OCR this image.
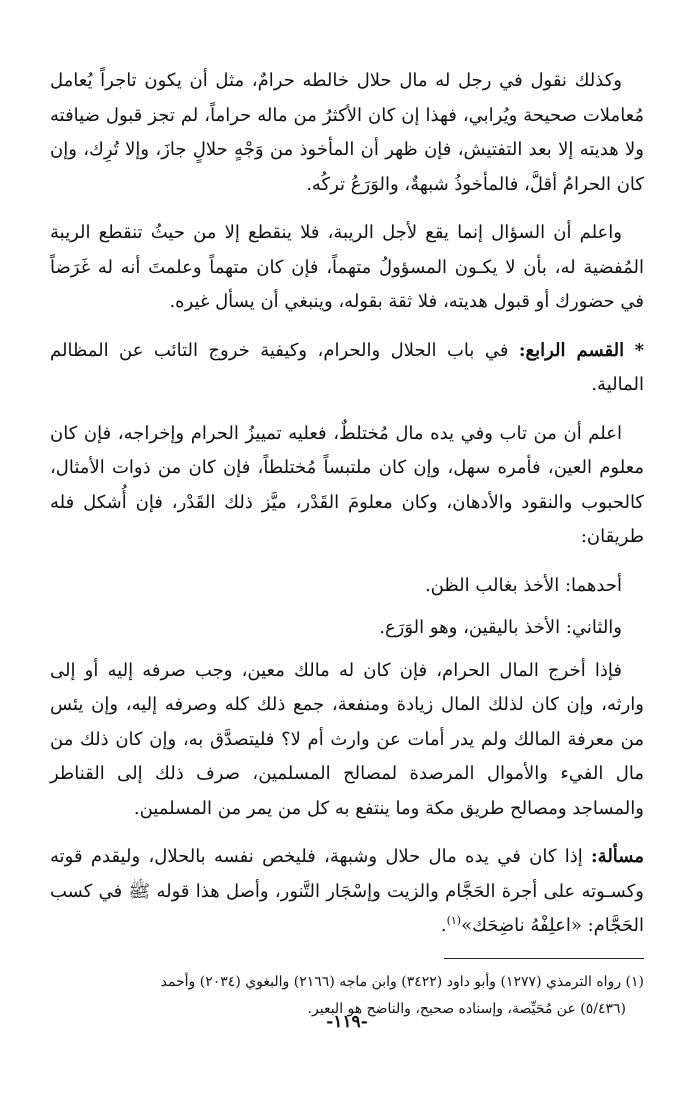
وكذلك نقول في رجل له مال حلال خالطه حرامٌ، مثل أن يكون تاجراً يُعامل مُعاملات صحيحة ويُرابي، فهذا إن كان الأكثرُ من ماله حراماً، لم تجز قبول ضيافته ولا هديته إلا بعد التفتيش، فإن ظهر أن المأخوذ من وَجْهٍ حلالٍ جازَ، وإلا تُرِك، وإن كان الحرامُ أقلَّ، فالمأخوذُ شبهةٌ، والوَرَعُ تركُه.

واعلم أن السؤال إنما يقع لأجل الريبة، فلا ينقطع إلا من حيثُ تنقطع الريبة المُفضية له، بأن لا يكـون المسؤولُ متهماً، فإن كان متهماً وعلمتَ أنه له غَرَضاً في حضورك أو قبول هديته، فلا ثقة بقوله، وينبغي أن يسأل غيره.

* القسم الرابع: في باب الحلال والحرام، وكيفية خروج التائب عن المظالم المالية.

اعلم أن من تاب وفي يده مال مُختلطٌ، فعليه تمييزُ الحرام وإخراجه، فإن كان معلوم العين، فأمره سهل، وإن كان ملتبساً مُختلطاً، فإن كان من ذوات الأمثال، كالحبوب والنقود والأدهان، وكان معلومَ القَدْر، ميَّز ذلك القَدْر، فإن أُشكل فله طريقان:

أحدهما: الأخذ بغالب الظن.

والثاني: الأخذ باليقين، وهو الوَرَع.

فإذا أخرج المال الحرام، فإن كان له مالك معين، وجب صرفه إليه أو إلى وارثه، وإن كان لذلك المال زيادة ومنفعة، جمع ذلك كله وصرفه إليه، وإن يئس من معرفة المالك ولم يدر أمات عن وارث أم لا؟ فليتصدَّق به، وإن كان ذلك من مال الفيء والأموال المرصدة لمصالح المسلمين، صرف ذلك إلى القناطر والمساجد ومصالح طريق مكة وما ينتفع به كل من يمر من المسلمين.

مسألة: إذا كان في يده مال حلال وشبهة، فليخص نفسه بالحلال، وليقدم قوته وكسـوته على أجرة الحَجَّام والزيت وإسْجَار التَّنور، وأصل هذا قوله ﷺ في كسب الحَجَّام: «اعلِفْهُ ناضِحَك»$^{(١)}$.

(١) رواه الترمذي (١٢٧٧) وأبو داود (٣٤٢٢) وابن ماجه (٢١٦٦) والبغوي (٢٠٣٤) وأحمد

(٥/٤٣٦) عن مُحَيِّصة، وإسناده صحيح، والناضح هو البعير.

-١١٩-
